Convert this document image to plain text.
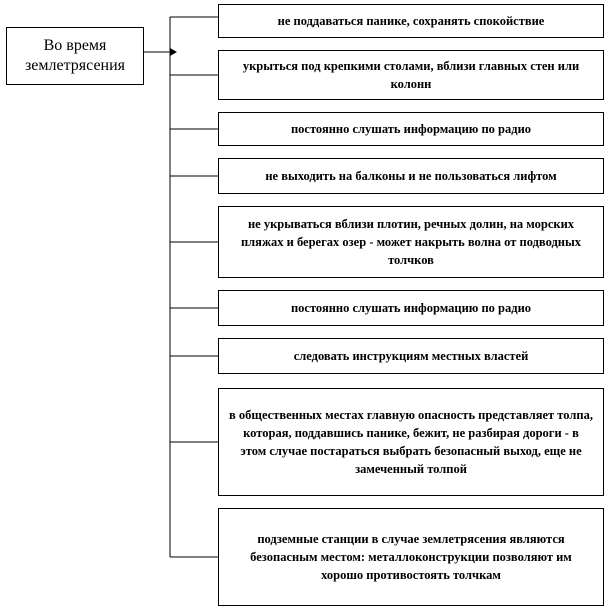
Во время землетрясения
не поддаваться панике, сохранять спокойствие
укрыться под крепкими столами, вблизи главных стен или колонн
постоянно слушать информацию по радио
не выходить на балконы и не пользоваться лифтом
не укрываться вблизи плотин, речных долин, на морских пляжах и берегах озер - может накрыть волна от подводных толчков
постоянно слушать информацию по радио
следовать инструкциям местных властей
в общественных местах главную опасность представляет толпа, которая, поддавшись панике, бежит, не разбирая дороги - в этом случае постараться выбрать безопасный выход, еще не замеченный толпой
подземные станции в случае землетрясения являются безопасным местом: металлоконструкции позволяют им хорошо противостоять толчкам
